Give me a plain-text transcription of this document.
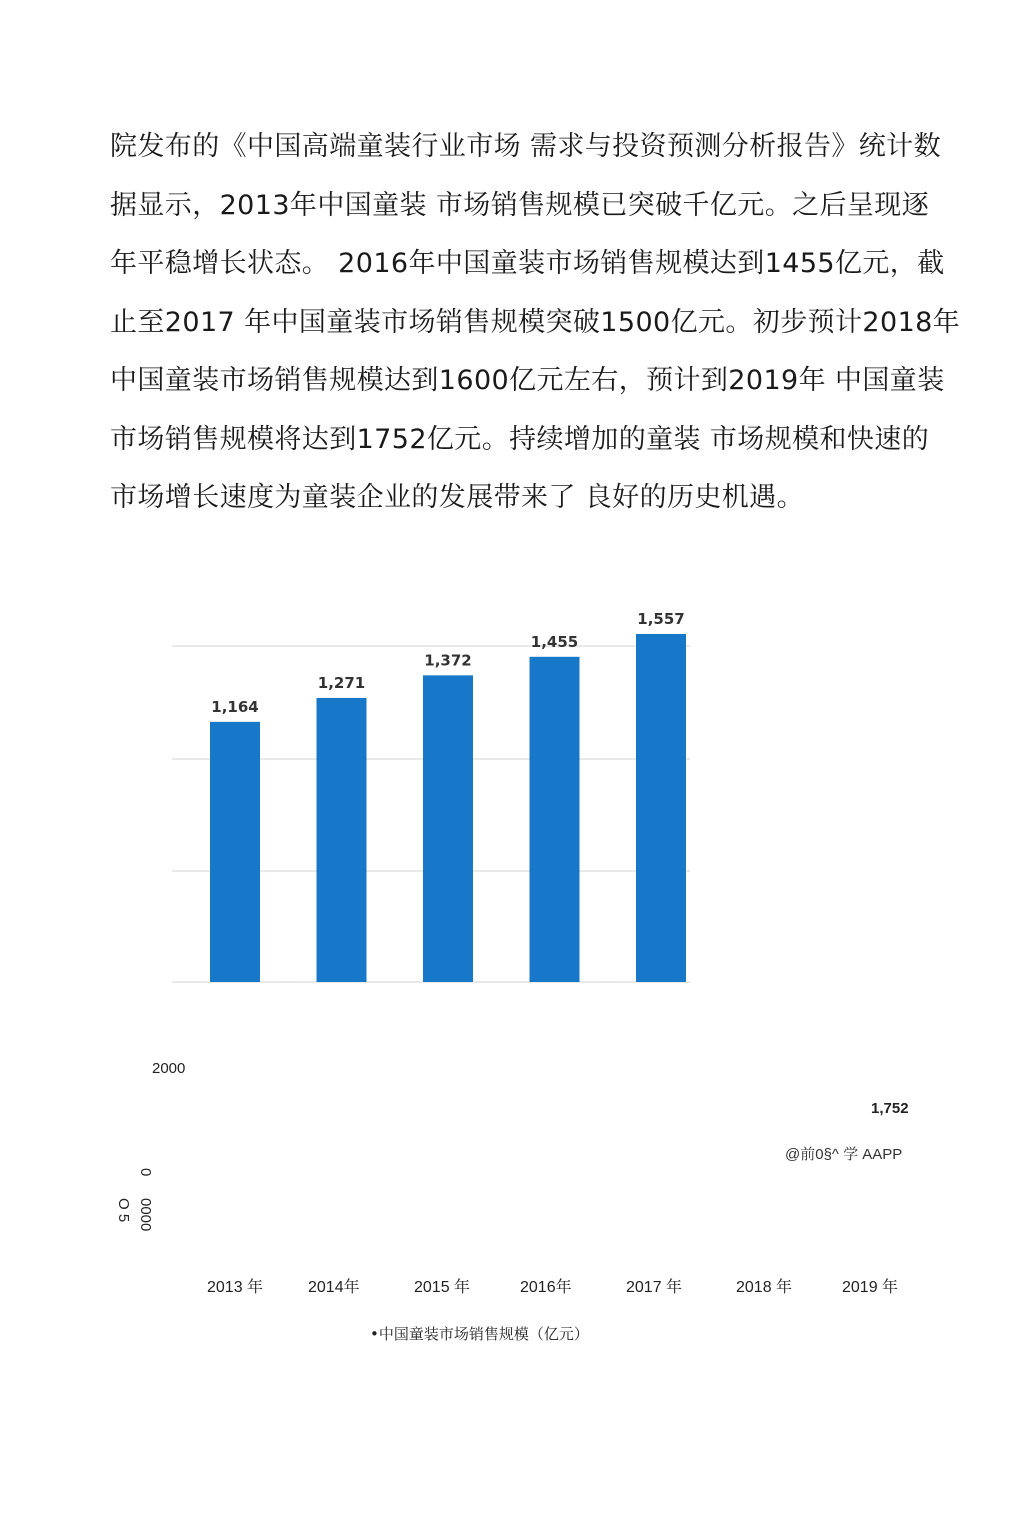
院发布的《中国高端童装行业市场 需求与投资预测分析报告》统计数
据显示，2013年中国童装 市场销售规模已突破千亿元。之后呈现逐
年平稳增长状态。 2016年中国童装市场销售规模达到1455亿元，截
止至2017 年中国童装市场销售规模突破1500亿元。初步预计2018年
中国童装市场销售规模达到1600亿元左右，预计到2019年 中国童装
市场销售规模将达到1752亿元。持续增加的童装 市场规模和快速的
市场增长速度为童装企业的发展带来了 良好的历史机遇。
1,164
1,271
1,372
1,455
1,557
2000
1,752
@前0§^ 学 AAPP
0
O 5 0000
2013 年	2014年	2015 年	2016年	2017 年	2018 年	2019 年
•中国童装市场销售规模（亿元）
